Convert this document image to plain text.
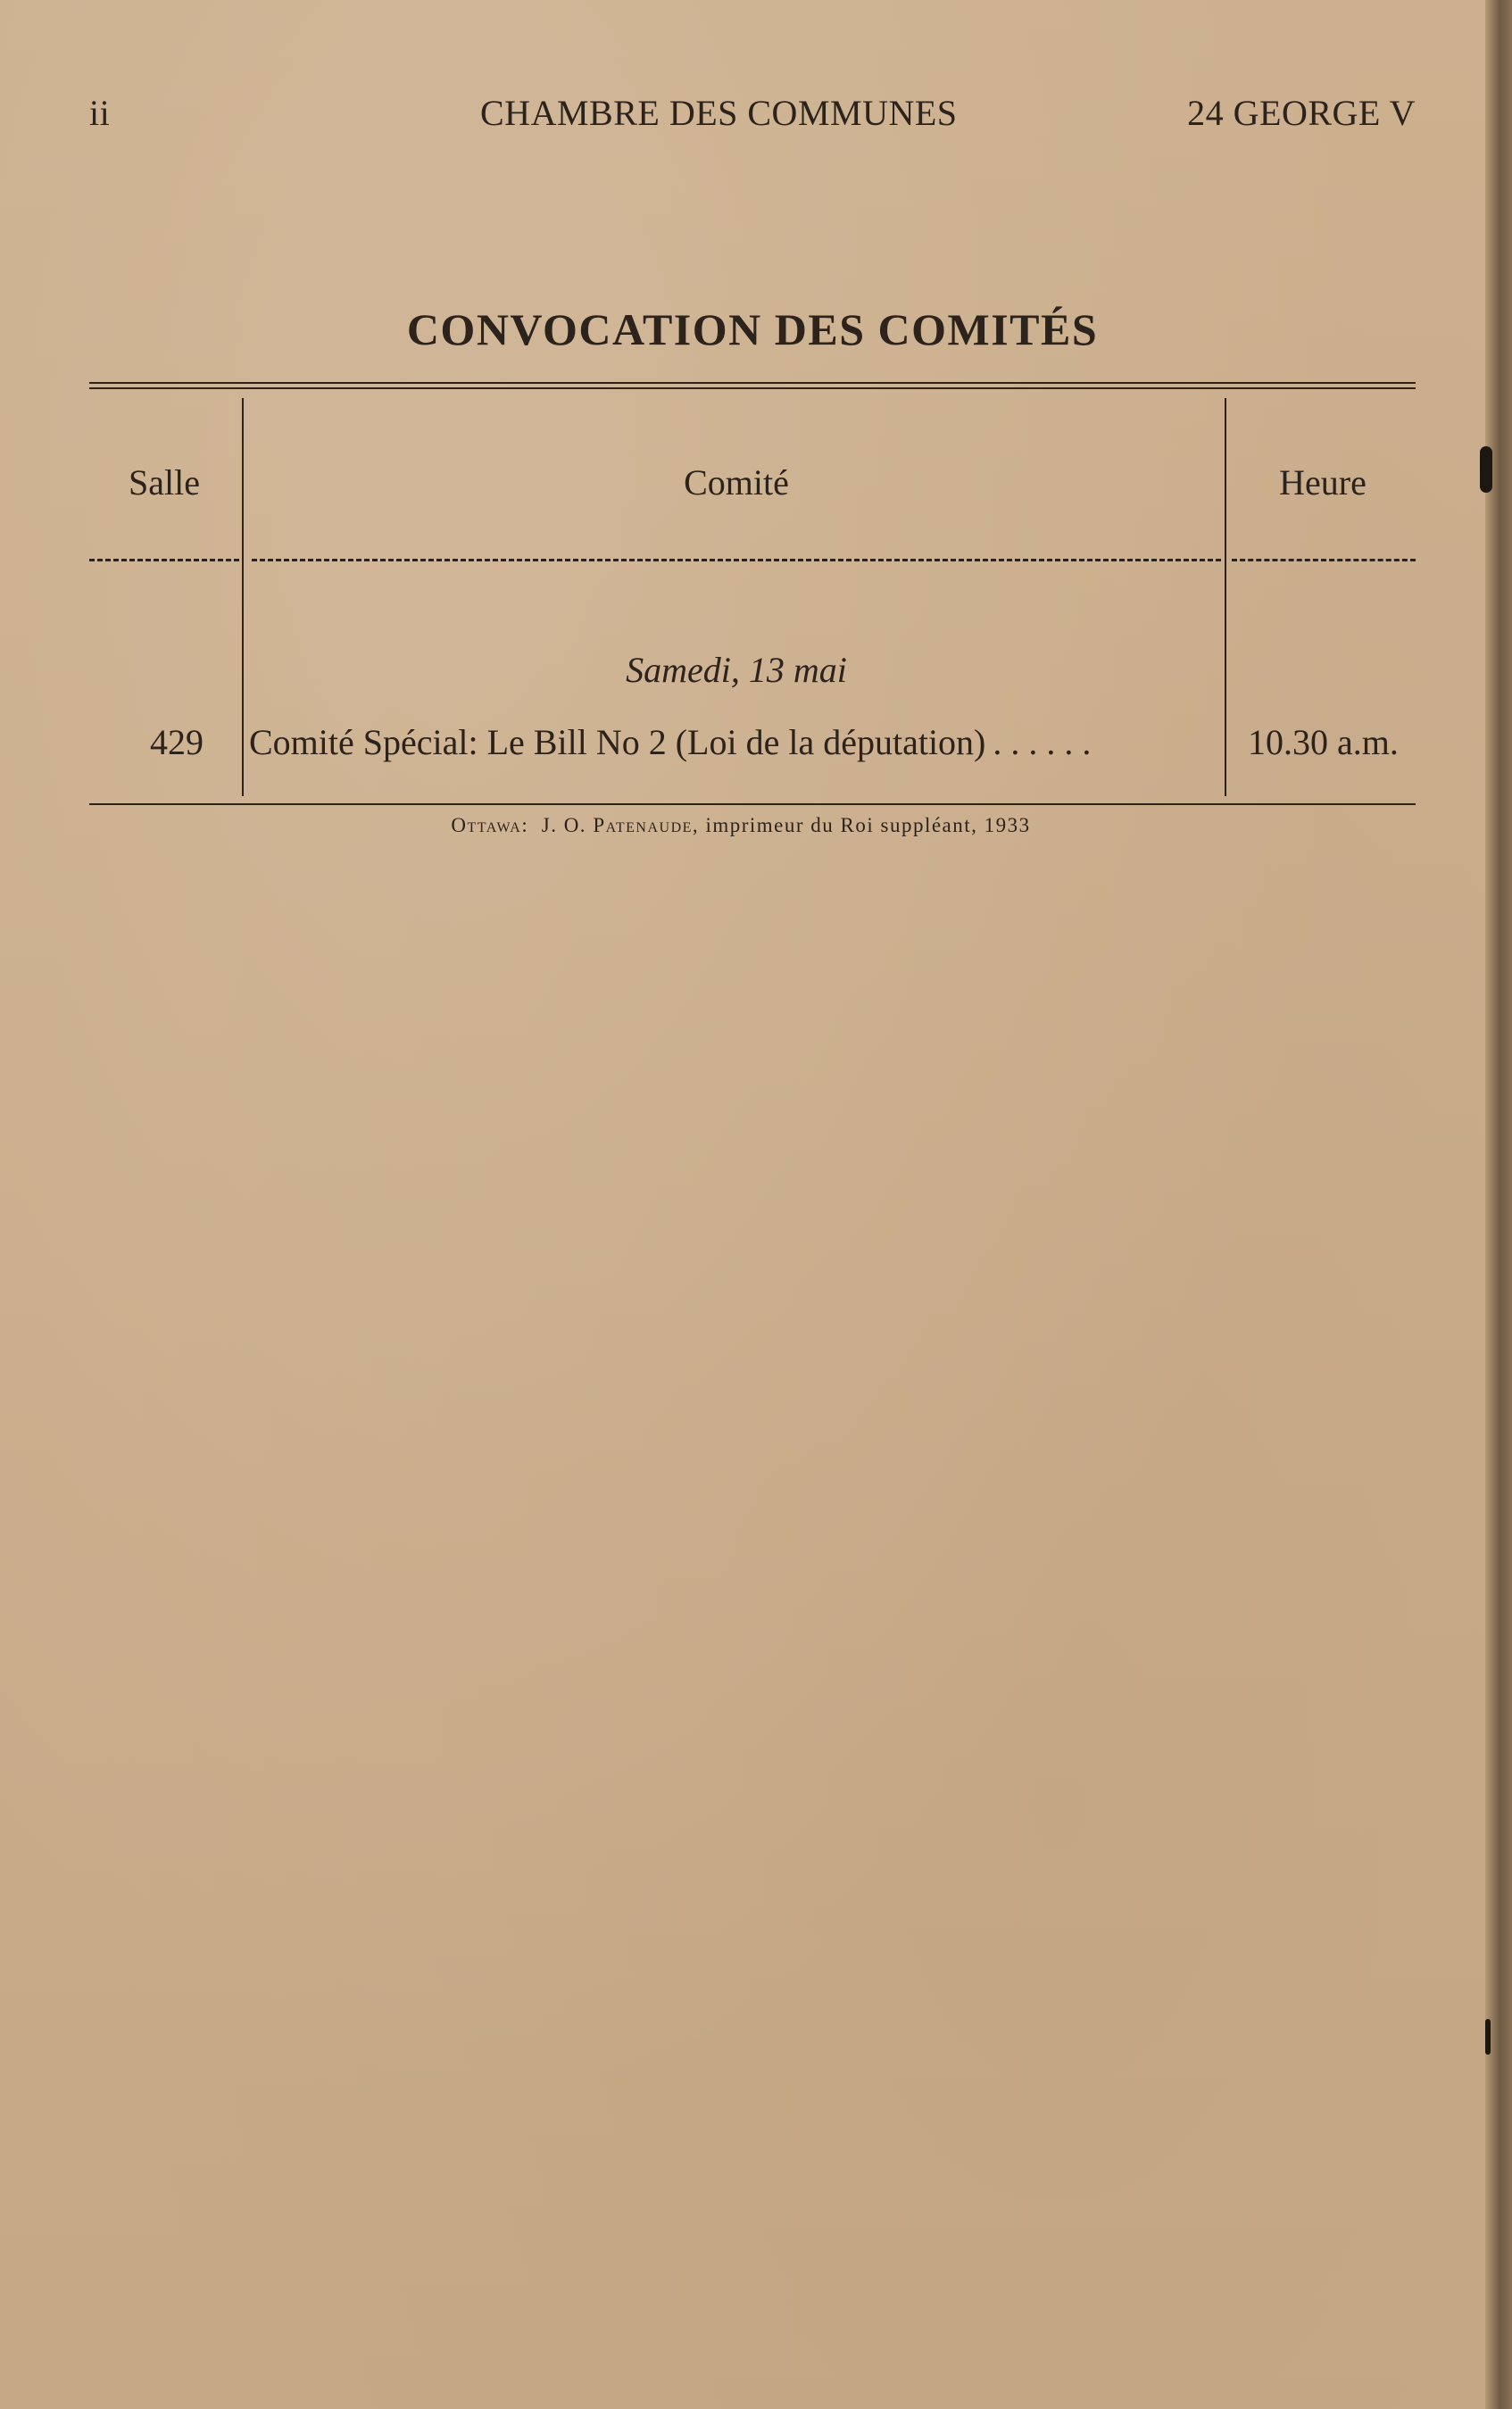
ii	CHAMBRE DES COMMUNES	24 GEORGE V
CONVOCATION DES COMITÉS
Salle	Comité	Heure
Samedi, 13 mai
429 Comité Spécial: Le Bill No 2 (Loi de la députation) . . . . . .	10.30 a.m.
Ottawa: J. O. Patenaude, imprimeur du Roi suppléant, 1933
